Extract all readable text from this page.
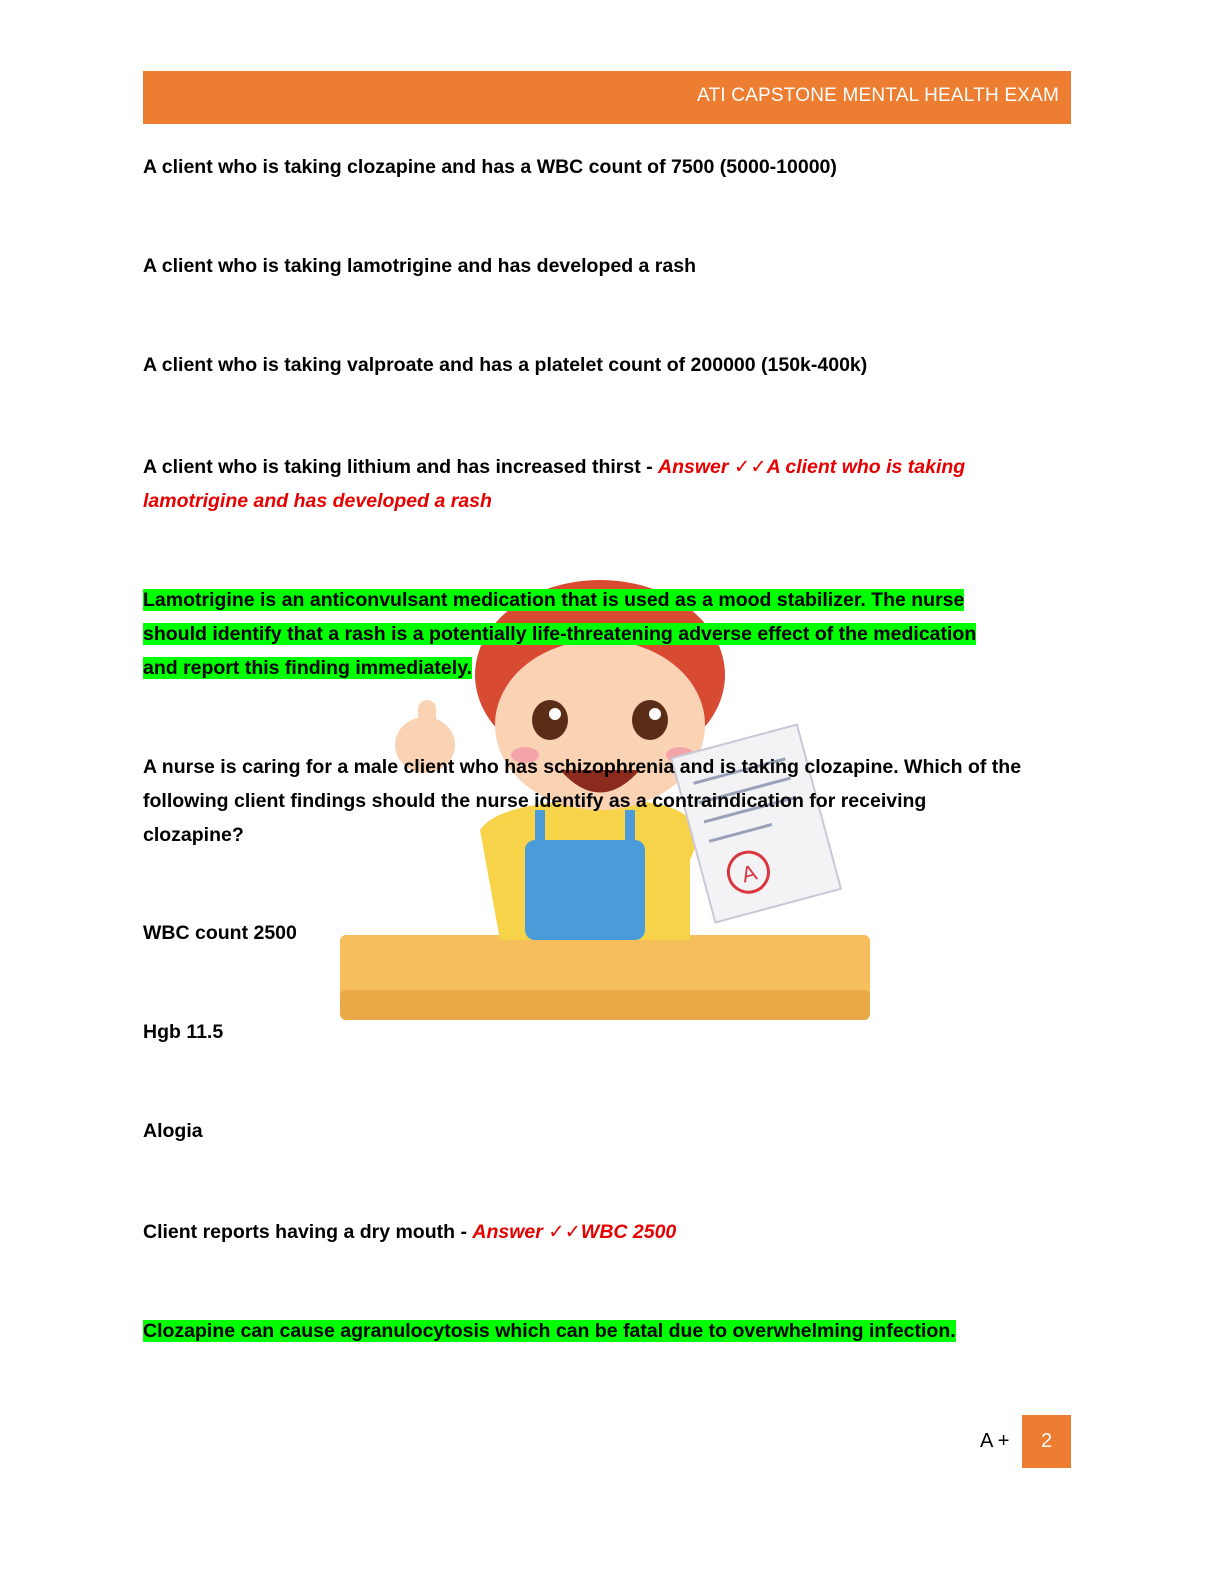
ATI CAPSTONE MENTAL HEALTH EXAM
A
A client who is taking clozapine and has a WBC count of 7500 (5000-10000)
A client who is taking lamotrigine and has developed a rash
A client who is taking valproate and has a platelet count of 200000 (150k-400k)
A client who is taking lithium and has increased thirst - Answer ✓✓A client who is taking
lamotrigine and has developed a rash
Lamotrigine is an anticonvulsant medication that is used as a mood stabilizer. The nurse
should identify that a rash is a potentially life-threatening adverse effect of the medication
and report this finding immediately.
A nurse is caring for a male client who has schizophrenia and is taking clozapine. Which of the
following client findings should the nurse identify as a contraindication for receiving
clozapine?
WBC count 2500
Hgb 11.5
Alogia
Client reports having a dry mouth - Answer ✓✓WBC 2500
Clozapine can cause agranulocytosis which can be fatal due to overwhelming infection.
A + 2
